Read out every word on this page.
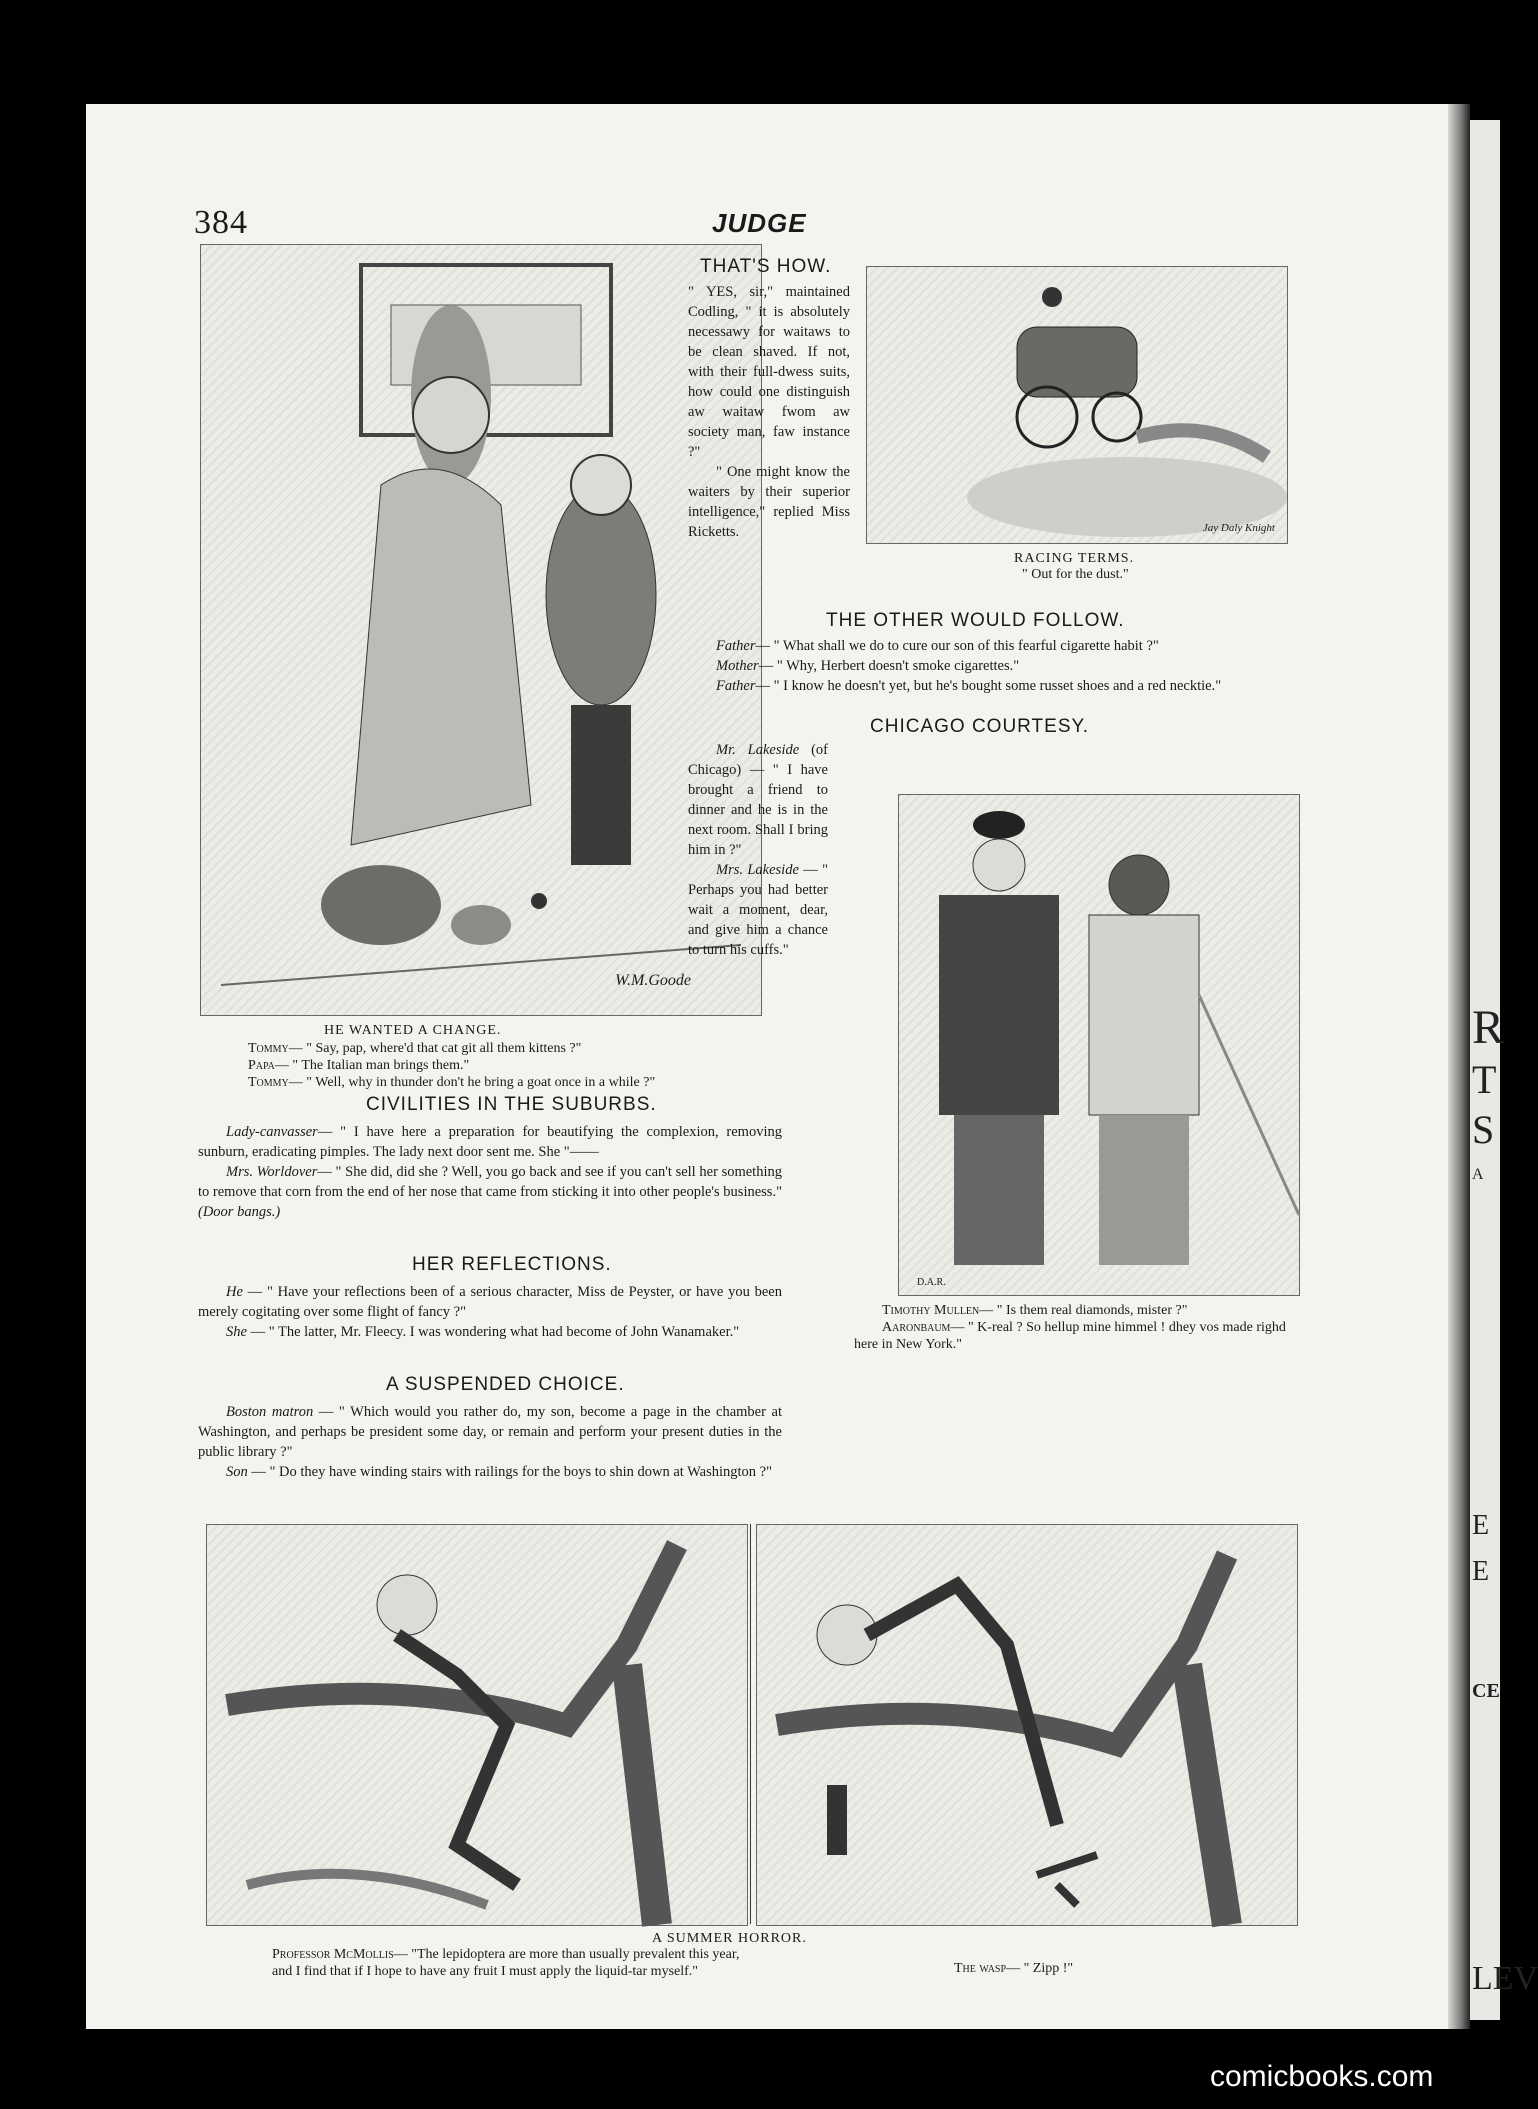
R
T
S
A
E
E
CE
LEV
384	JUDGE
W.M.Goode
HE WANTED A CHANGE.
Tommy— " Say, pap, where'd that cat git all them kittens ?"
Papa— " The Italian man brings them."
Tommy— " Well, why in thunder don't he bring a goat once in a while ?"
THAT'S HOW.

" YES, sir," maintained Codling, " it is absolutely necessawy for waitaws to be clean shaved. If not, with their full-dwess suits, how could one distinguish aw waitaw fwom aw society man, faw instance ?"

" One might know the waiters by their superior intelligence," replied Miss Ricketts.	Jay Daly Knight
RACING TERMS.
" Out for the dust."
THE OTHER WOULD FOLLOW.

Father— " What shall we do to cure our son of this fearful cigarette habit ?"

Mother— " Why, Herbert doesn't smoke cigarettes."

Father— " I know he doesn't yet, but he's bought some russet shoes and a red necktie."

CHICAGO COURTESY.

Mr. Lakeside (of Chicago) — " I have brought a friend to dinner and he is in the next room. Shall I bring him in ?"

Mrs. Lakeside — " Perhaps you had better wait a moment, dear, and give him a chance to turn his cuffs."

D.A.R.
Timothy Mullen— " Is them real diamonds, mister ?"
Aaronbaum— " K-real ? So hellup mine himmel ! dhey vos made righd here in New York."
CIVILITIES IN THE SUBURBS.

Lady-canvasser— " I have here a preparation for beautifying the complexion, removing sunburn, eradicating pimples. The lady next door sent me. She "——

Mrs. Worldover— " She did, did she ? Well, you go back and see if you can't sell her something to remove that corn from the end of her nose that came from sticking it into other people's business." (Door bangs.)

HER REFLECTIONS.

He — " Have your reflections been of a serious character, Miss de Peyster, or have you been merely cogitating over some flight of fancy ?"

She — " The latter, Mr. Fleecy. I was wondering what had become of John Wanamaker."

A SUSPENDED CHOICE.

Boston matron — " Which would you rather do, my son, become a page in the chamber at Washington, and perhaps be president some day, or remain and perform your present duties in the public library ?"

Son — " Do they have winding stairs with railings for the boys to shin down at Washington ?"

A SUMMER HORROR.
Professor McMollis— "The lepidoptera are more than usually prevalent this year, and I find that if I hope to have any fruit I must apply the liquid-tar myself."	The wasp— " Zipp !"
comicbooks.com
